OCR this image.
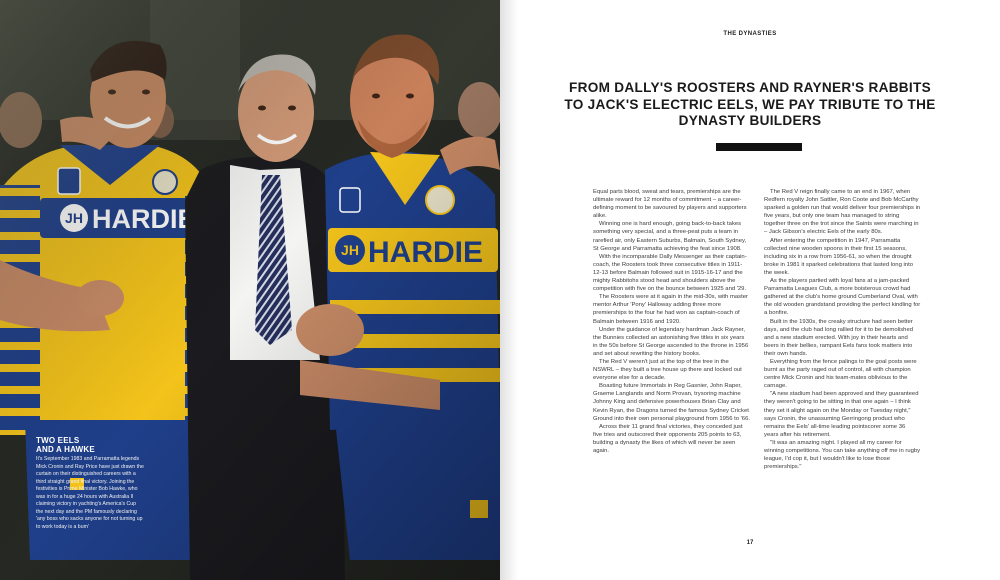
TWO EELS
AND A HAWKE
It's September 1983 and Parramatta legends Mick Cronin and Ray Price have just drawn the curtain on their distinguished careers with a third straight grand final victory. Joining the festivities is Prime Minister Bob Hawke, who was in for a huge 24 hours with Australia II claiming victory in yachting's America's Cup the next day and the PM famously declaring 'any boss who sacks anyone for not turning up to work today is a bum'
THE DYNASTIES
FROM DALLY'S ROOSTERS AND RAYNER'S RABBITS TO JACK'S ELECTRIC EELS, WE PAY TRIBUTE TO THE DYNASTY BUILDERS

Equal parts blood, sweat and tears, premierships are the ultimate reward for 12 months of commitment – a career-defining moment to be savoured by players and supporters alike.

Winning one is hard enough, going back-to-back takes something very special, and a three-peat puts a team in rarefied air, only Eastern Suburbs, Balmain, South Sydney, St George and Parramatta achieving the feat since 1908.

With the incomparable Dally Messenger as their captain-coach, the Roosters took three consecutive titles in 1911-12-13 before Balmain followed suit in 1915-16-17 and the mighty Rabbitohs stood head and shoulders above the competition with five on the bounce between 1925 and '29.

The Roosters were at it again in the mid-30s, with master mentor Arthur 'Pony' Halloway adding three more premierships to the four he had won as captain-coach of Balmain between 1916 and 1920.

Under the guidance of legendary hardman Jack Rayner, the Bunnies collected an astonishing five titles in six years in the 50s before St George ascended to the throne in 1956 and set about rewriting the history books.

The Red V weren't just at the top of the tree in the NSWRL – they built a tree house up there and locked out everyone else for a decade.

Boasting future Immortals in Reg Gasnier, John Raper, Graeme Langlands and Norm Provan, trysoring machine Johnny King and defensive powerhouses Brian Clay and Kevin Ryan, the Dragons turned the famous Sydney Cricket Ground into their own personal playground from 1956 to '66.

Across their 11 grand final victories, they conceded just five tries and outscored their opponents 205 points to 63, building a dynasty the likes of which will never be seen again.

The Red V reign finally came to an end in 1967, when Redfern royalty John Sattler, Ron Coote and Bob McCarthy sparked a golden run that would deliver four premierships in five years, but only one team has managed to string together three on the trot since the Saints were marching in – Jack Gibson's electric Eels of the early 80s.

After entering the competition in 1947, Parramatta collected nine wooden spoons in their first 15 seasons, including six in a row from 1956-61, so when the drought broke in 1981 it sparked celebrations that lasted long into the week.

As the players partied with loyal fans at a jam-packed Parramatta Leagues Club, a more boisterous crowd had gathered at the club's home ground Cumberland Oval, with the old wooden grandstand providing the perfect kindling for a bonfire.

Built in the 1930s, the creaky structure had seen better days, and the club had long rallied for it to be demolished and a new stadium erected. With joy in their hearts and beers in their bellies, rampant Eels fans took matters into their own hands.

Everything from the fence palings to the goal posts were burnt as the party raged out of control, all with champion centre Mick Cronin and his team-mates oblivious to the carnage.

"A new stadium had been approved and they guaranteed they weren't going to be sitting in that one again – I think they set it alight again on the Monday or Tuesday night," says Cronin, the unassuming Gerringong product who remains the Eels' all-time leading pointscorer some 36 years after his retirement.

"It was an amazing night. I played all my career for winning competitions. You can take anything off me in rugby league, I'd cop it, but I wouldn't like to lose those premierships."

17
